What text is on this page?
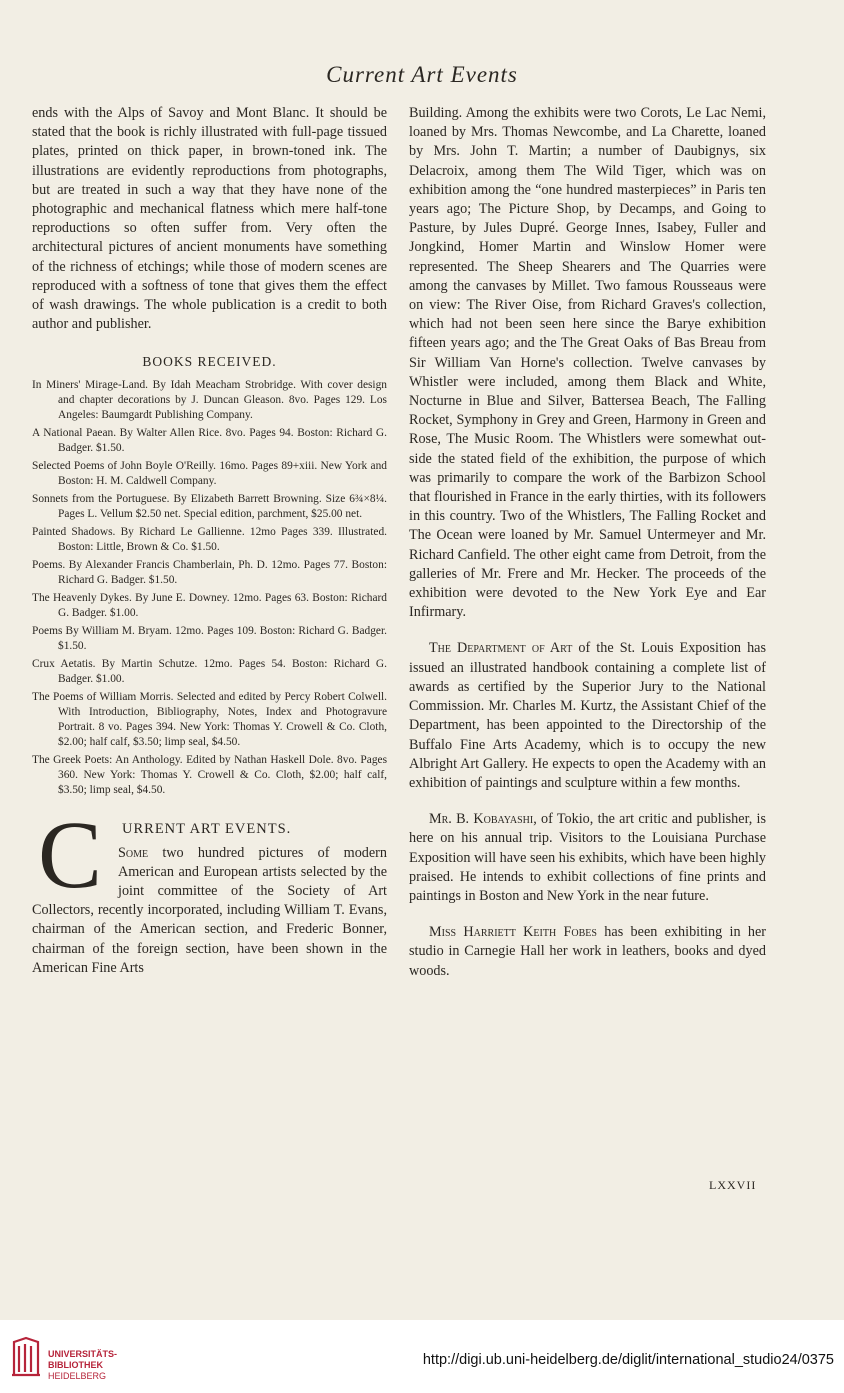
Current Art Events

ends with the Alps of Savoy and Mont Blanc. It should be stated that the book is richly illustrated with full-page tissued plates, printed on thick paper, in brown-toned ink. The illustrations are evidently reproductions from photographs, but are treated in such a way that they have none of the photographic and mechanical flatness which mere half-tone reproductions so often suffer from. Very often the architectural pictures of ancient monuments have something of the richness of etchings; while those of modern scenes are reproduced with a softness of tone that gives them the effect of wash drawings. The whole publication is a credit to both author and publisher.

BOOKS RECEIVED.

In Miners' Mirage-Land. By Idah Meacham Strobridge. With cover design and chapter decorations by J. Duncan Gleason. 8vo. Pages 129. Los Angeles: Baumgardt Publishing Company.

A National Paean. By Walter Allen Rice. 8vo. Pages 94. Boston: Richard G. Badger. $1.50.

Selected Poems of John Boyle O'Reilly. 16mo. Pages 89+xiii. New York and Boston: H. M. Caldwell Company.

Sonnets from the Portuguese. By Elizabeth Barrett Browning. Size 6¾×8¼. Pages L. Vellum $2.50 net. Special edition, parchment, $25.00 net.

Painted Shadows. By Richard Le Gallienne. 12mo Pages 339. Illustrated. Boston: Little, Brown & Co. $1.50.

Poems. By Alexander Francis Chamberlain, Ph. D. 12mo. Pages 77. Boston: Richard G. Badger. $1.50.

The Heavenly Dykes. By June E. Downey. 12mo. Pages 63. Boston: Richard G. Badger. $1.00.

Poems By William M. Bryam. 12mo. Pages 109. Boston: Richard G. Badger. $1.50.

Crux Aetatis. By Martin Schutze. 12mo. Pages 54. Boston: Richard G. Badger. $1.00.

The Poems of William Morris. Selected and edited by Percy Robert Colwell. With Introduction, Bibliography, Notes, Index and Photogravure Portrait. 8 vo. Pages 394. New York: Thomas Y. Crowell & Co. Cloth, $2.00; half calf, $3.50; limp seal, $4.50.

The Greek Poets: An Anthology. Edited by Nathan Haskell Dole. 8vo. Pages 360. New York: Thomas Y. Crowell & Co. Cloth, $2.00; half calf, $3.50; limp seal, $4.50.

URRENT ART EVENTS.
C	Some two hundred pictures of modern American and European artists selected by the joint committee of the Society of Art Collectors, recently incorporated, including William T. Evans, chairman of the American section, and Frederic Bonner, chairman of the foreign section, have been shown in the American Fine Arts

Building. Among the exhibits were two Corots, Le Lac Nemi, loaned by Mrs. Thomas Newcombe, and La Charette, loaned by Mrs. John T. Martin; a number of Daubignys, six Delacroix, among them The Wild Tiger, which was on exhibition among the “one hundred masterpieces” in Paris ten years ago; The Picture Shop, by Decamps, and Going to Pasture, by Jules Dupré. George Innes, Isabey, Fuller and Jongkind, Homer Martin and Winslow Homer were represented. The Sheep Shearers and The Quarries were among the canvases by Millet. Two famous Rousseaus were on view: The River Oise, from Richard Graves's collection, which had not been seen here since the Barye exhibition fifteen years ago; and the The Great Oaks of Bas Breau from Sir William Van Horne's collection. Twelve canvases by Whistler were included, among them Black and White, Nocturne in Blue and Silver, Battersea Beach, The Falling Rocket, Symphony in Grey and Green, Harmony in Green and Rose, The Music Room. The Whistlers were somewhat outside the stated field of the exhibition, the purpose of which was primarily to compare the work of the Barbizon School that flourished in France in the early thirties, with its followers in this country. Two of the Whistlers, The Falling Rocket and The Ocean were loaned by Mr. Samuel Untermeyer and Mr. Richard Canfield. The other eight came from Detroit, from the galleries of Mr. Frere and Mr. Hecker. The proceeds of the exhibition were devoted to the New York Eye and Ear Infirmary.

The Department of Art of the St. Louis Exposition has issued an illustrated handbook containing a complete list of awards as certified by the Superior Jury to the National Commission. Mr. Charles M. Kurtz, the Assistant Chief of the Department, has been appointed to the Directorship of the Buffalo Fine Arts Academy, which is to occupy the new Albright Art Gallery. He expects to open the Academy with an exhibition of paintings and sculpture within a few months.

Mr. B. Kobayashi, of Tokio, the art critic and publisher, is here on his annual trip. Visitors to the Louisiana Purchase Exposition will have seen his exhibits, which have been highly praised. He intends to exhibit collections of fine prints and paintings in Boston and New York in the near future.

Miss Harriett Keith Fobes has been exhibiting in her studio in Carnegie Hall her work in leathers, books and dyed woods.

LXXVII
UNIVERSITÄTS-
BIBLIOTHEK
HEIDELBERG
http://digi.ub.uni-heidelberg.de/diglit/international_studio24/0375
